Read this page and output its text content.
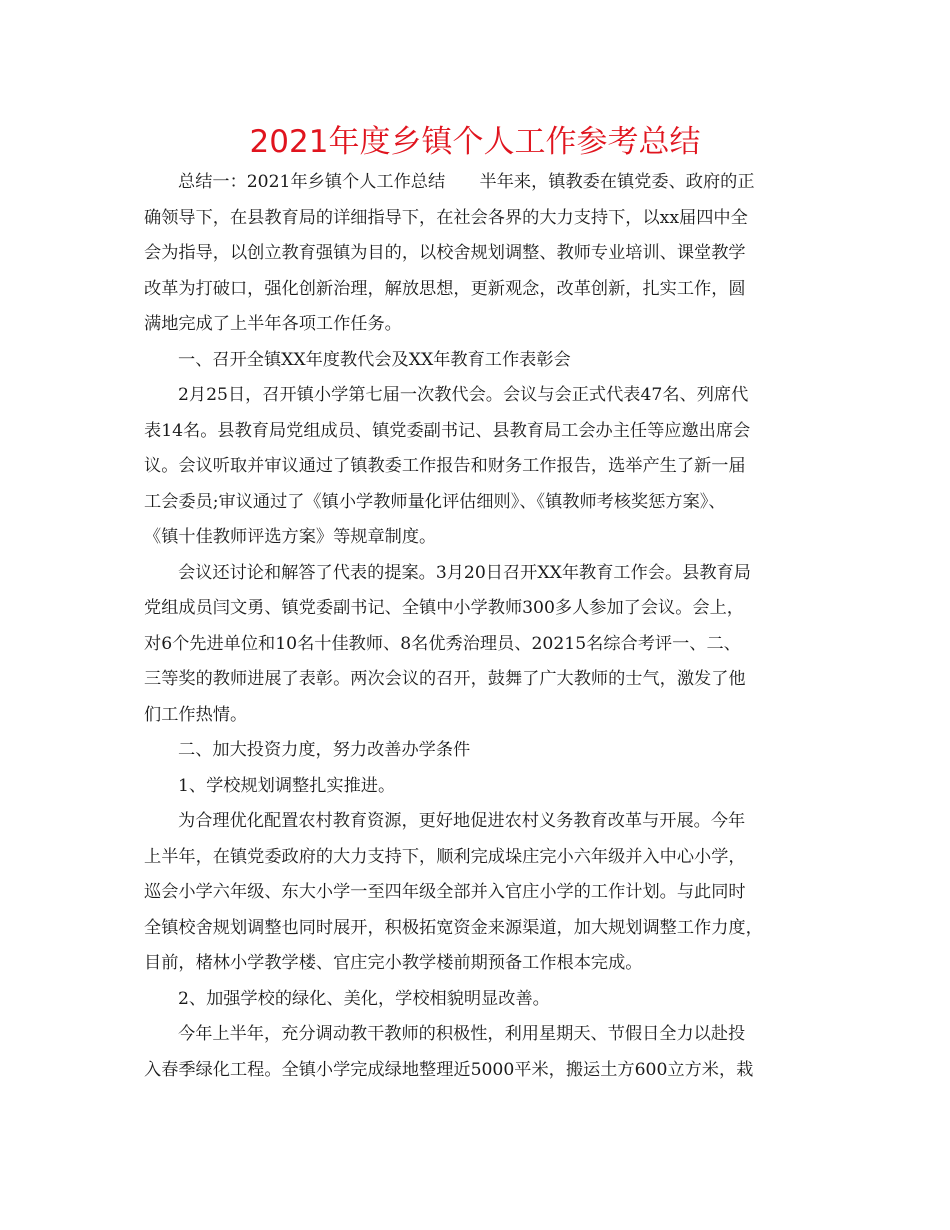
2021年度乡镇个人工作参考总结
总结一：2021年乡镇个人工作总结　　半年来，镇教委在镇党委、政府的正
确领导下，在县教育局的详细指导下，在社会各界的大力支持下，以xx届四中全
会为指导，以创立教育强镇为目的，以校舍规划调整、教师专业培训、课堂教学
改革为打破口，强化创新治理，解放思想，更新观念，改革创新，扎实工作，圆
满地完成了上半年各项工作任务。
一、召开全镇XX年度教代会及XX年教育工作表彰会
2月25日，召开镇小学第七届一次教代会。会议与会正式代表47名、列席代
表14名。县教育局党组成员、镇党委副书记、县教育局工会办主任等应邀出席会
议。会议听取并审议通过了镇教委工作报告和财务工作报告，选举产生了新一届
工会委员;审议通过了《镇小学教师量化评估细则》、《镇教师考核奖惩方案》、
《镇十佳教师评选方案》等规章制度。
会议还讨论和解答了代表的提案。3月20日召开XX年教育工作会。县教育局
党组成员闫文勇、镇党委副书记、全镇中小学教师300多人参加了会议。会上，
对6个先进单位和10名十佳教师、8名优秀治理员、20215名综合考评一、二、
三等奖的教师进展了表彰。两次会议的召开，鼓舞了广大教师的士气，激发了他
们工作热情。
二、加大投资力度，努力改善办学条件
1、学校规划调整扎实推进。
为合理优化配置农村教育资源，更好地促进农村义务教育改革与开展。今年
上半年，在镇党委政府的大力支持下，顺利完成垛庄完小六年级并入中心小学，
巡会小学六年级、东大小学一至四年级全部并入官庄小学的工作计划。与此同时
全镇校舍规划调整也同时展开，积极拓宽资金来源渠道，加大规划调整工作力度，
目前，楮林小学教学楼、官庄完小教学楼前期预备工作根本完成。
2、加强学校的绿化、美化，学校相貌明显改善。
今年上半年，充分调动教干教师的积极性，利用星期天、节假日全力以赴投
入春季绿化工程。全镇小学完成绿地整理近5000平米，搬运土方600立方米，栽
